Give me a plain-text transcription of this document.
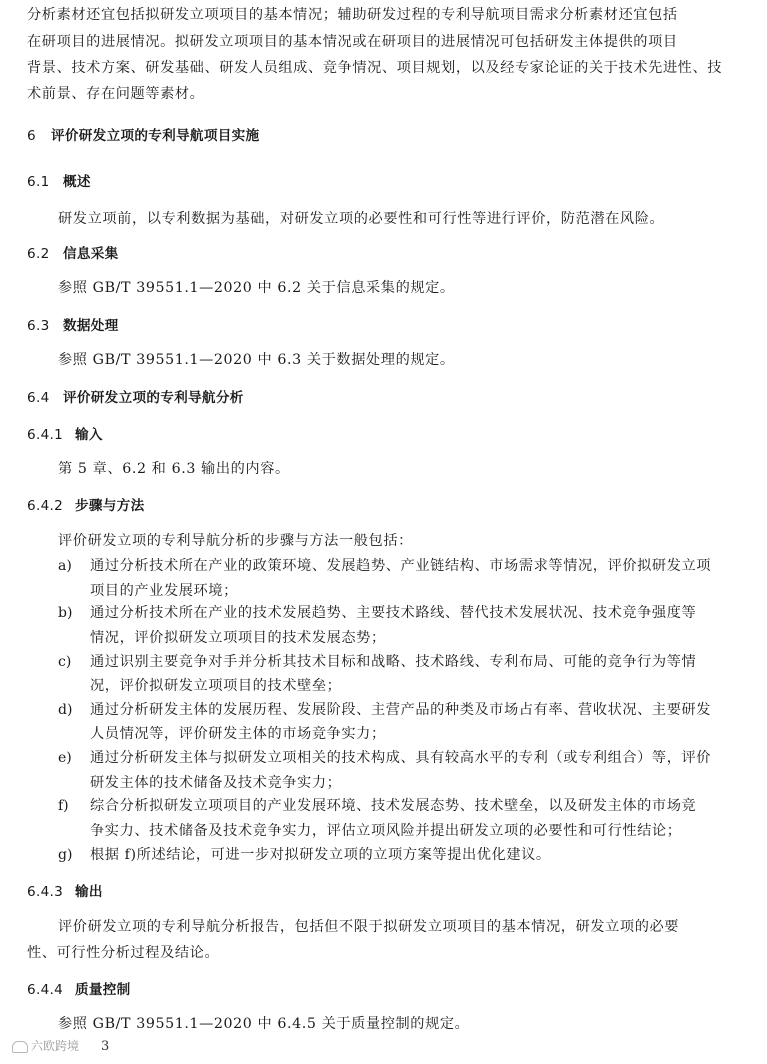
分析素材还宜包括拟研发立项项目的基本情况；辅助研发过程的专利导航项目需求分析素材还宜包括
在研项目的进展情况。拟研发立项项目的基本情况或在研项目的进展情况可包括研发主体提供的项目
背景、技术方案、研发基础、研发人员组成、竞争情况、项目规划，以及经专家论证的关于技术先进性、技
术前景、存在问题等素材。
6 评价研发立项的专利导航项目实施
6.1 概述
研发立项前，以专利数据为基础，对研发立项的必要性和可行性等进行评价，防范潜在风险。
6.2 信息采集
参照 GB/T 39551.1—2020 中 6.2 关于信息采集的规定。
6.3 数据处理
参照 GB/T 39551.1—2020 中 6.3 关于数据处理的规定。
6.4 评价研发立项的专利导航分析
6.4.1 输入
第 5 章、6.2 和 6.3 输出的内容。
6.4.2 步骤与方法
评价研发立项的专利导航分析的步骤与方法一般包括：
a) 通过分析技术所在产业的政策环境、发展趋势、产业链结构、市场需求等情况，评价拟研发立项
项目的产业发展环境；
b) 通过分析技术所在产业的技术发展趋势、主要技术路线、替代技术发展状况、技术竞争强度等
情况，评价拟研发立项项目的技术发展态势；
c) 通过识别主要竞争对手并分析其技术目标和战略、技术路线、专利布局、可能的竞争行为等情
况，评价拟研发立项项目的技术壁垒；
d) 通过分析研发主体的发展历程、发展阶段、主营产品的种类及市场占有率、营收状况、主要研发
人员情况等，评价研发主体的市场竞争实力；
e) 通过分析研发主体与拟研发立项相关的技术构成、具有较高水平的专利（或专利组合）等，评价
研发主体的技术储备及技术竞争实力；
f) 综合分析拟研发立项项目的产业发展环境、技术发展态势、技术壁垒，以及研发主体的市场竞
争实力、技术储备及技术竞争实力，评估立项风险并提出研发立项的必要性和可行性结论；
g) 根据 f)所述结论，可进一步对拟研发立项的立项方案等提出优化建议。
6.4.3 输出
评价研发立项的专利导航分析报告，包括但不限于拟研发立项项目的基本情况，研发立项的必要
性、可行性分析过程及结论。
6.4.4 质量控制
参照 GB/T 39551.1—2020 中 6.4.5 关于质量控制的规定。
六欧跨境 3
